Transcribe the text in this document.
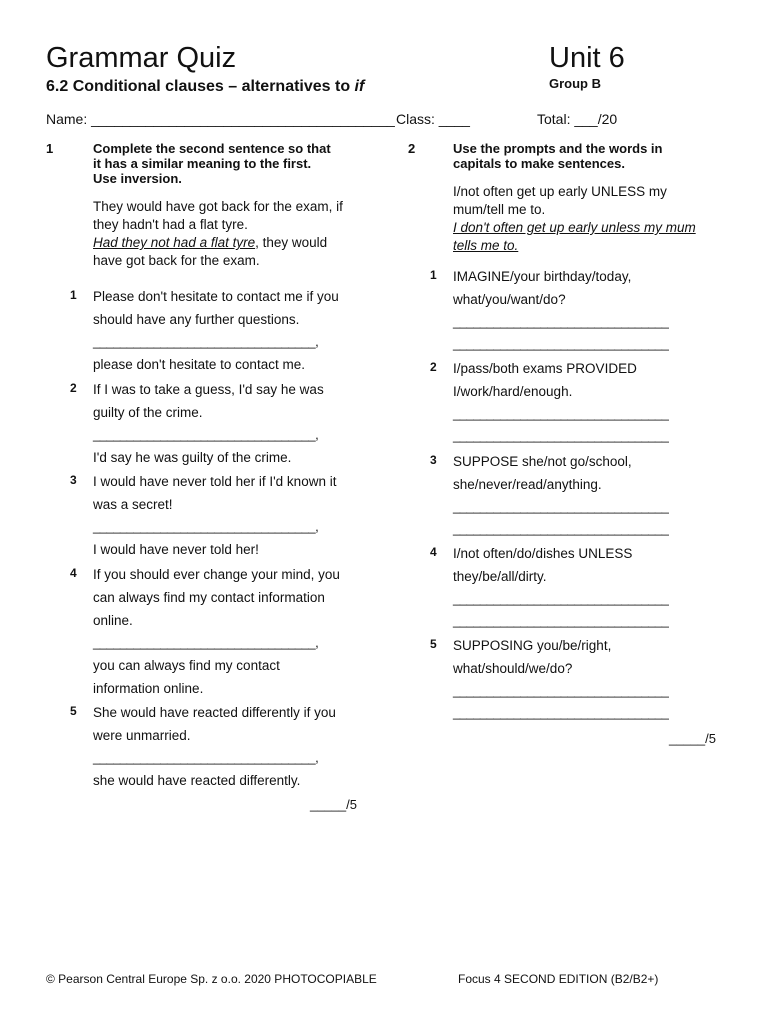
Grammar Quiz
6.2 Conditional clauses – alternatives to if
Unit 6
Group B
Name: _______________________________________ Class: ____	Total: ___/20
1	Complete the second sentence so that
it has a similar meaning to the first.
Use inversion.
They would have got back for the exam, if
they hadn't had a flat tyre.
Had they not had a flat tyre, they would
have got back for the exam.
1 Please don't hesitate to contact me if you
should have any further questions.
_________________________________,
please don't hesitate to contact me.
2 If I was to take a guess, I'd say he was
guilty of the crime.
_________________________________,
I'd say he was guilty of the crime.
3 I would have never told her if I'd known it
was a secret!
_________________________________,
I would have never told her!
4 If you should ever change your mind, you
can always find my contact information
online.
_________________________________,
you can always find my contact
information online.
5 She would have reacted differently if you
were unmarried.
_________________________________,
she would have reacted differently.
_____/5
2	Use the prompts and the words in
capitals to make sentences.
I/not often get up early UNLESS my
mum/tell me to.
I don't often get up early unless my mum
tells me to.
1 IMAGINE/your birthday/today,
what/you/want/do?
________________________________
________________________________
2 I/pass/both exams PROVIDED
I/work/hard/enough.
________________________________
________________________________
3 SUPPOSE she/not go/school,
she/never/read/anything.
________________________________
________________________________
4 I/not often/do/dishes UNLESS
they/be/all/dirty.
________________________________
________________________________
5 SUPPOSING you/be/right,
what/should/we/do?
________________________________
________________________________
_____/5
© Pearson Central Europe Sp. z o.o. 2020 PHOTOCOPIABLE	Focus 4 SECOND EDITION (B2/B2+)
